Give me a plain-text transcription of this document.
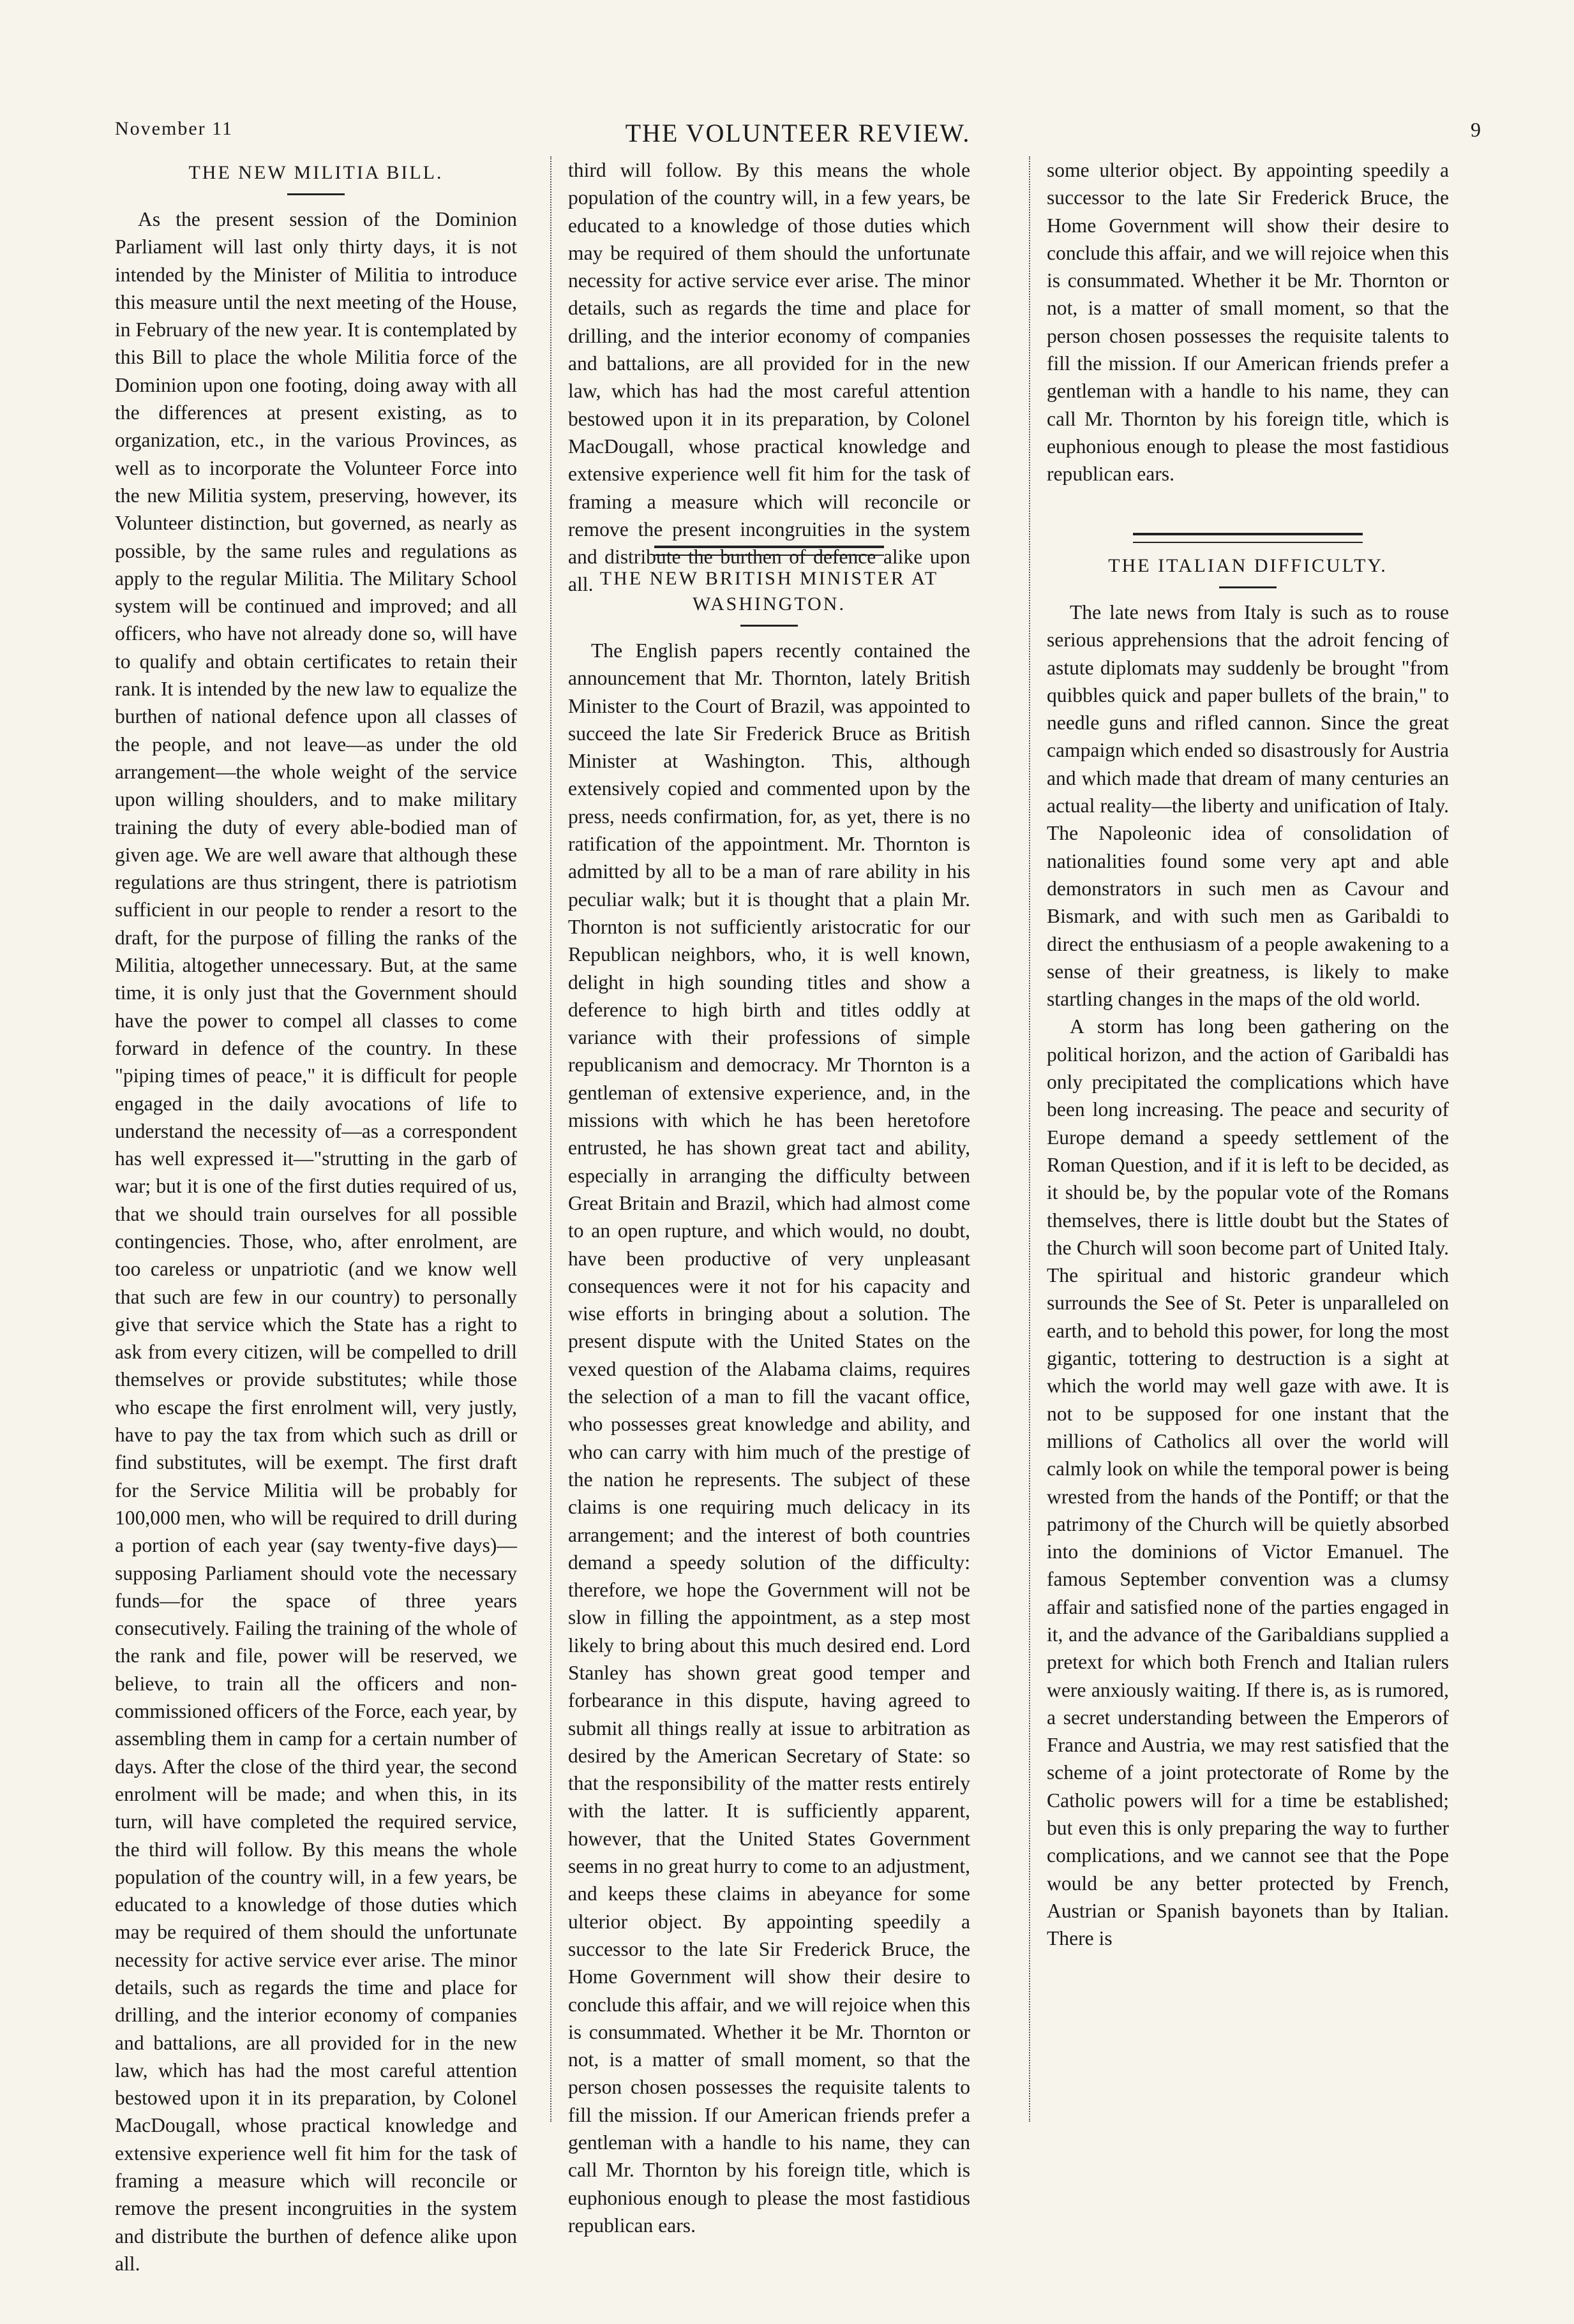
November 11	THE VOLUNTEER REVIEW.	9
THE NEW MILITIA BILL.

As the present session of the Dominion Parliament will last only thirty days, it is not intended by the Minister of Militia to introduce this measure until the next meeting of the House, in February of the new year. It is contemplated by this Bill to place the whole Militia force of the Dominion upon one footing, doing away with all the differences at present existing, as to organization, etc., in the various Provinces, as well as to incorporate the Volunteer Force into the new Militia system, preserving, however, its Volunteer distinction, but governed, as nearly as possible, by the same rules and regulations as apply to the regular Militia. The Military School system will be continued and improved; and all officers, who have not already done so, will have to qualify and obtain certificates to retain their rank. It is intended by the new law to equalize the burthen of national defence upon all classes of the people, and not leave—as under the old arrangement—the whole weight of the service upon willing shoulders, and to make military training the duty of every able-bodied man of given age. We are well aware that although these regulations are thus stringent, there is patriotism sufficient in our people to render a resort to the draft, for the purpose of filling the ranks of the Militia, altogether unnecessary. But, at the same time, it is only just that the Government should have the power to compel all classes to come forward in defence of the country. In these "piping times of peace," it is difficult for people engaged in the daily avocations of life to understand the necessity of—as a correspondent has well expressed it—"strutting in the garb of war; but it is one of the first duties required of us, that we should train ourselves for all possible contingencies. Those, who, after enrolment, are too careless or unpatriotic (and we know well that such are few in our country) to personally give that service which the State has a right to ask from every citizen, will be compelled to drill themselves or provide substitutes; while those who escape the first enrolment will, very justly, have to pay the tax from which such as drill or find substitutes, will be exempt. The first draft for the Service Militia will be probably for 100,000 men, who will be required to drill during a portion of each year (say twenty-five days)—supposing Parliament should vote the necessary funds—for the space of three years consecutively. Failing the training of the whole of the rank and file, power will be reserved, we believe, to train all the officers and non-commissioned officers of the Force, each year, by assembling them in camp for a certain number of days. After the close of the third year, the second enrolment will be made; and when this, in its turn, will have completed the required service, the third will follow. By this means the whole population of the country will, in a few years, be educated to a knowledge of those duties which may be required of them should the unfortunate necessity for active service ever arise. The minor details, such as regards the time and place for drilling, and the interior economy of companies and battalions, are all provided for in the new law, which has had the most careful attention bestowed upon it in its preparation, by Colonel MacDougall, whose practical knowledge and extensive experience well fit him for the task of framing a measure which will reconcile or remove the present incongruities in the system and distribute the burthen of defence alike upon all.

third will follow. By this means the whole population of the country will, in a few years, be educated to a knowledge of those duties which may be required of them should the unfortunate necessity for active service ever arise. The minor details, such as regards the time and place for drilling, and the interior economy of companies and battalions, are all provided for in the new law, which has had the most careful attention bestowed upon it in its preparation, by Colonel MacDougall, whose practical knowledge and extensive experience well fit him for the task of framing a measure which will reconcile or remove the present incongruities in the system and distribute the burthen of defence alike upon all. THE NEW BRITISH MINISTER AT WASHINGTON.

The English papers recently contained the announcement that Mr. Thornton, lately British Minister to the Court of Brazil, was appointed to succeed the late Sir Frederick Bruce as British Minister at Washington. This, although extensively copied and commented upon by the press, needs confirmation, for, as yet, there is no ratification of the appointment. Mr. Thornton is admitted by all to be a man of rare ability in his peculiar walk; but it is thought that a plain Mr. Thornton is not sufficiently aristocratic for our Republican neighbors, who, it is well known, delight in high sounding titles and show a deference to high birth and titles oddly at variance with their professions of simple republicanism and democracy. Mr Thornton is a gentleman of extensive experience, and, in the missions with which he has been heretofore entrusted, he has shown great tact and ability, especially in arranging the difficulty between Great Britain and Brazil, which had almost come to an open rupture, and which would, no doubt, have been productive of very unpleasant consequences were it not for his capacity and wise efforts in bringing about a solution. The present dispute with the United States on the vexed question of the Alabama claims, requires the selection of a man to fill the vacant office, who possesses great knowledge and ability, and who can carry with him much of the prestige of the nation he represents. The subject of these claims is one requiring much delicacy in its arrangement; and the interest of both countries demand a speedy solution of the difficulty: therefore, we hope the Government will not be slow in filling the appointment, as a step most likely to bring about this much desired end. Lord Stanley has shown great good temper and forbearance in this dispute, having agreed to submit all things really at issue to arbitration as desired by the American Secretary of State: so that the responsibility of the matter rests entirely with the latter. It is sufficiently apparent, however, that the United States Government seems in no great hurry to come to an adjustment, and keeps these claims in abeyance for some ulterior object. By appointing speedily a successor to the late Sir Frederick Bruce, the Home Government will show their desire to conclude this affair, and we will rejoice when this is consummated. Whether it be Mr. Thornton or not, is a matter of small moment, so that the person chosen possesses the requisite talents to fill the mission. If our American friends prefer a gentleman with a handle to his name, they can call Mr. Thornton by his foreign title, which is euphonious enough to please the most fastidious republican ears.

some ulterior object. By appointing speedily a successor to the late Sir Frederick Bruce, the Home Government will show their desire to conclude this affair, and we will rejoice when this is consummated. Whether it be Mr. Thornton or not, is a matter of small moment, so that the person chosen possesses the requisite talents to fill the mission. If our American friends prefer a gentleman with a handle to his name, they can call Mr. Thornton by his foreign title, which is euphonious enough to please the most fastidious republican ears.

THE ITALIAN DIFFICULTY.

The late news from Italy is such as to rouse serious apprehensions that the adroit fencing of astute diplomats may suddenly be brought "from quibbles quick and paper bullets of the brain," to needle guns and rifled cannon. Since the great campaign which ended so disastrously for Austria and which made that dream of many centuries an actual reality—the liberty and unification of Italy. The Napoleonic idea of consolidation of nationalities found some very apt and able demonstrators in such men as Cavour and Bismark, and with such men as Garibaldi to direct the enthusiasm of a people awakening to a sense of their greatness, is likely to make startling changes in the maps of the old world.

A storm has long been gathering on the political horizon, and the action of Garibaldi has only precipitated the complications which have been long increasing. The peace and security of Europe demand a speedy settlement of the Roman Question, and if it is left to be decided, as it should be, by the popular vote of the Romans themselves, there is little doubt but the States of the Church will soon become part of United Italy. The spiritual and historic grandeur which surrounds the See of St. Peter is unparalleled on earth, and to behold this power, for long the most gigantic, tottering to destruction is a sight at which the world may well gaze with awe. It is not to be supposed for one instant that the millions of Catholics all over the world will calmly look on while the temporal power is being wrested from the hands of the Pontiff; or that the patrimony of the Church will be quietly absorbed into the dominions of Victor Emanuel. The famous September convention was a clumsy affair and satisfied none of the parties engaged in it, and the advance of the Garibaldians supplied a pretext for which both French and Italian rulers were anxiously waiting. If there is, as is rumored, a secret understanding between the Emperors of France and Austria, we may rest satisfied that the scheme of a joint protectorate of Rome by the Catholic powers will for a time be established; but even this is only preparing the way to further complications, and we cannot see that the Pope would be any better protected by French, Austrian or Spanish bayonets than by Italian. There is
